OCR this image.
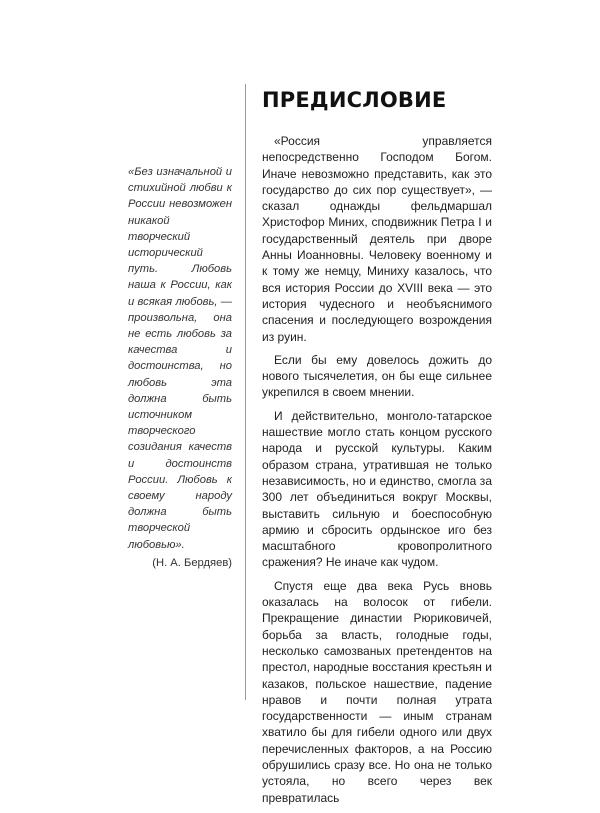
ПРЕДИСЛОВИЕ
«Без изначальной и стихийной любви к России невозможен никакой творческий исторический путь. Любовь наша к России, как и всякая любовь, — произвольна, она не есть любовь за качества и достоинства, но любовь эта должна быть источником творческого созидания качеств и достоинств России. Любовь к своему народу должна быть творческой любовью».
(Н. А. Бердяев)

«Россия управляется непосредственно Господом Богом. Иначе невозможно представить, как это государство до сих пор существует», — сказал однажды фельдмаршал Христофор Миних, сподвижник Петра I и государственный деятель при дворе Анны Иоанновны. Человеку военному и к тому же немцу, Миниху казалось, что вся история России до XVIII века — это история чудесного и необъяснимого спасения и последующего возрождения из руин.

Если бы ему довелось дожить до нового тысячелетия, он бы еще сильнее укрепился в своем мнении.

И действительно, монголо-татарское нашествие могло стать концом русского народа и русской культуры. Каким образом страна, утратившая не только независимость, но и единство, смогла за 300 лет объединиться вокруг Москвы, выставить сильную и боеспособную армию и сбросить ордынское иго без масштабного кровопролитного сражения? Не иначе как чудом.

Спустя еще два века Русь вновь оказалась на волосок от гибели. Прекращение династии Рюриковичей, борьба за власть, голодные годы, несколько самозваных претендентов на престол, народные восстания крестьян и казаков, польское нашествие, падение нравов и почти полная утрата государственности — иным странам хватило бы для гибели одного или двух перечисленных факторов, а на Россию обрушились сразу все. Но она не только устояла, но всего через век превратилась
